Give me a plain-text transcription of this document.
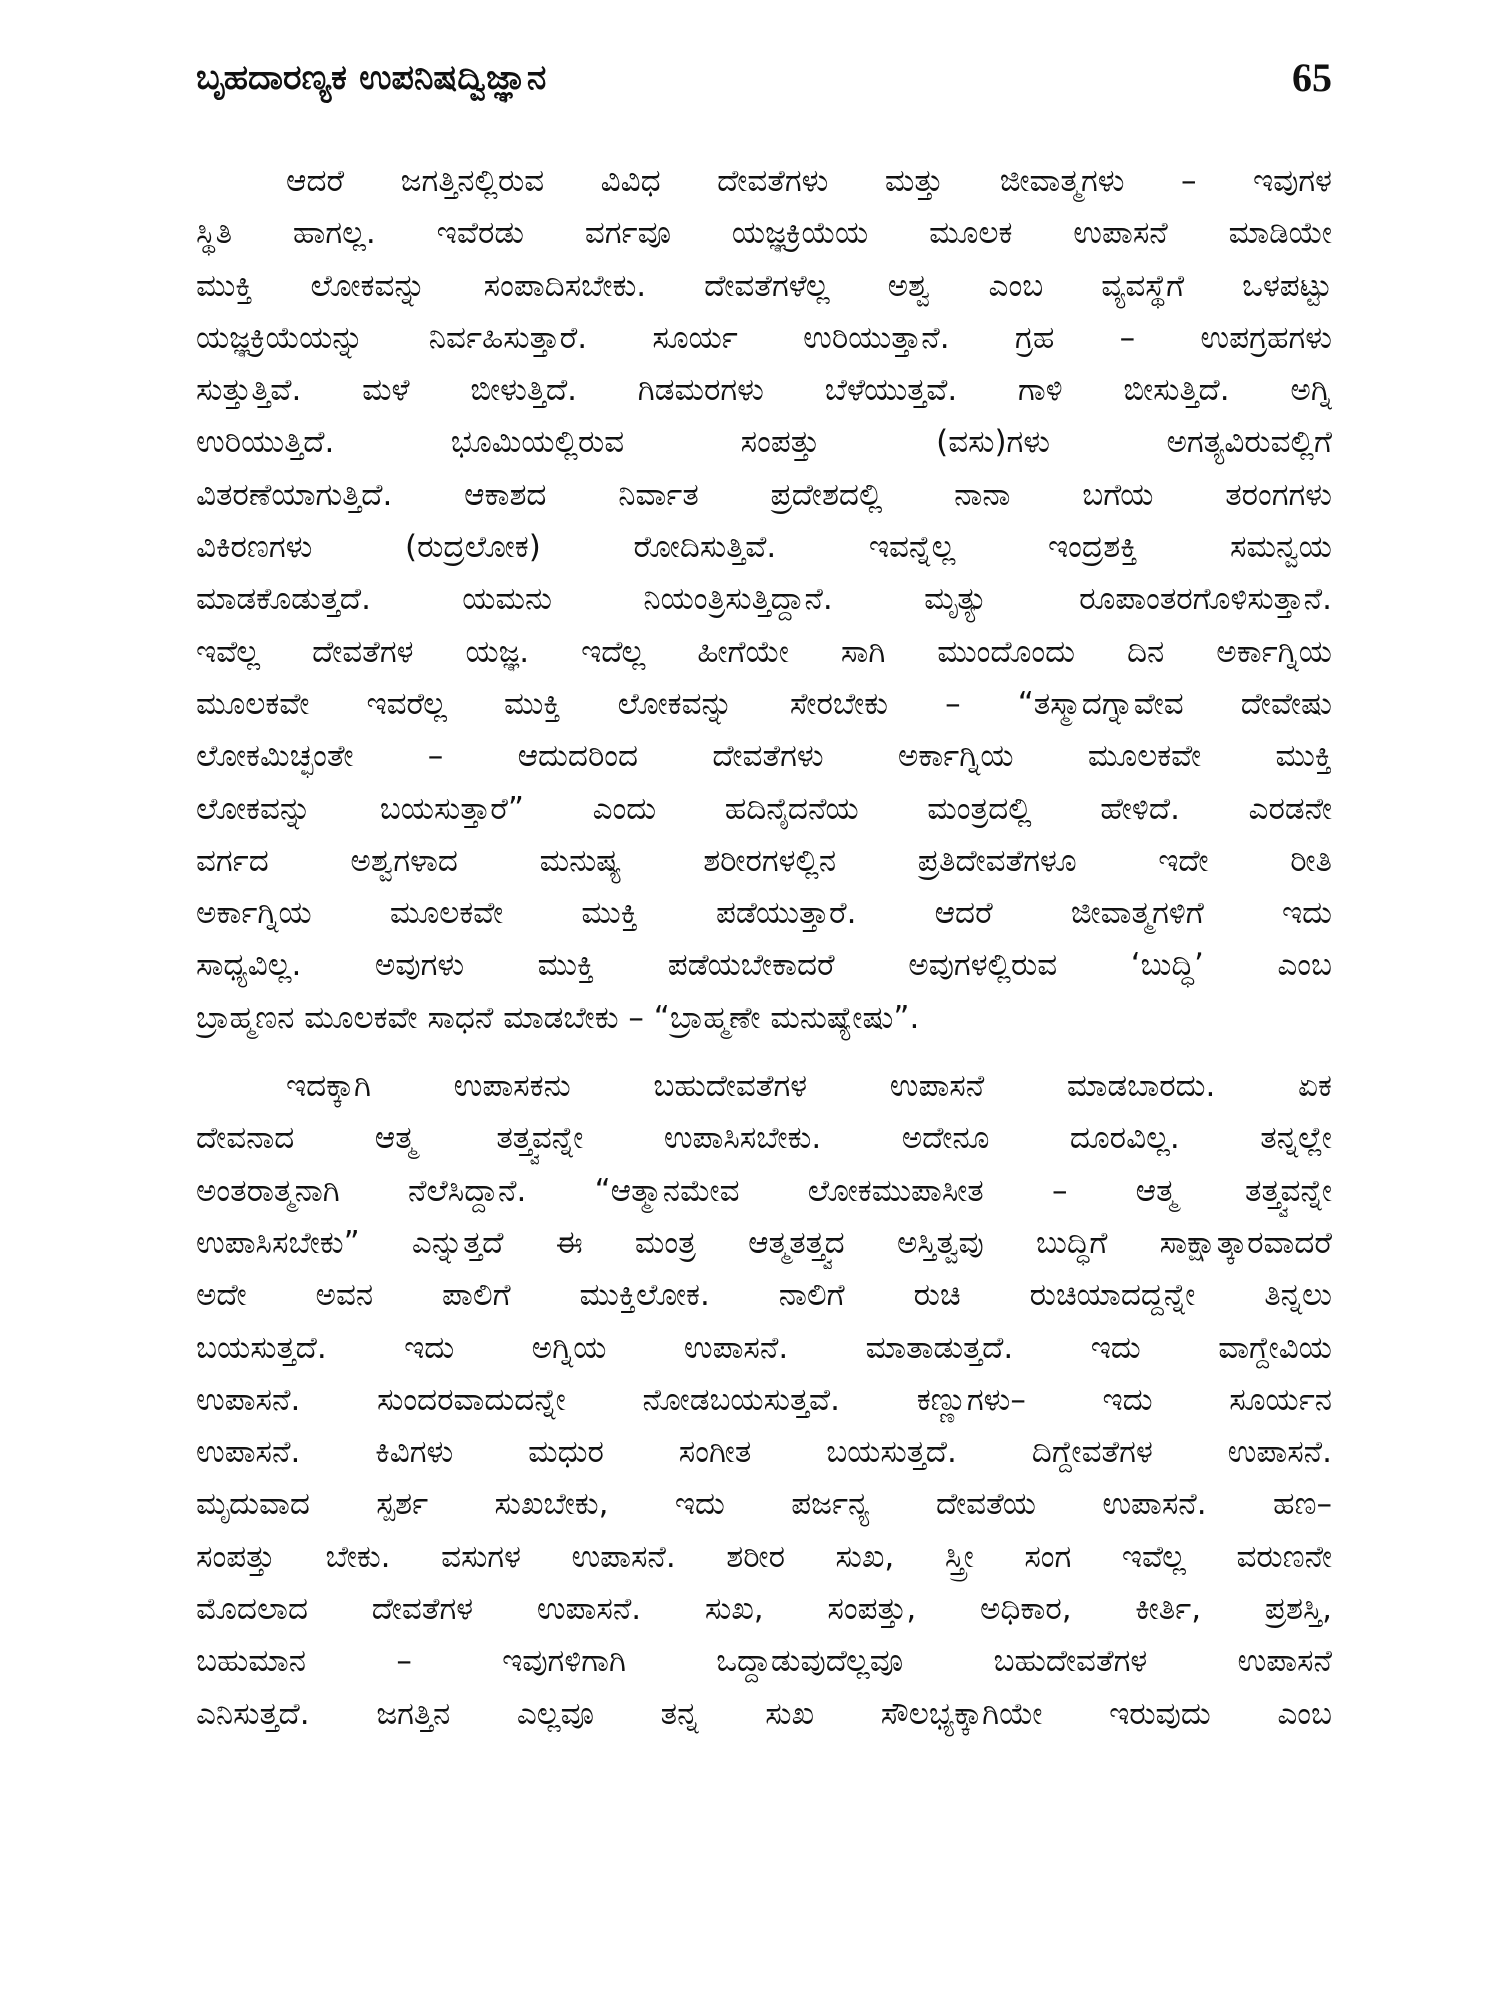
ಬೃಹದಾರಣ್ಯಕ ಉಪನಿಷದ್ವಿಜ್ಞಾನ	65

ಆದರೆ ಜಗತ್ತಿನಲ್ಲಿರುವ ವಿವಿಧ ದೇವತೆಗಳು ಮತ್ತು ಜೀವಾತ್ಮಗಳು – ಇವುಗಳ

ಸ್ಥಿತಿ ಹಾಗಲ್ಲ. ಇವೆರಡು ವರ್ಗವೂ ಯಜ್ಞಕ್ರಿಯೆಯ ಮೂಲಕ ಉಪಾಸನೆ ಮಾಡಿಯೇ

ಮುಕ್ತಿ ಲೋಕವನ್ನು ಸಂಪಾದಿಸಬೇಕು. ದೇವತೆಗಳೆಲ್ಲ ಅಶ್ವ ಎಂಬ ವ್ಯವಸ್ಥೆಗೆ ಒಳಪಟ್ಟು

ಯಜ್ಞಕ್ರಿಯೆಯನ್ನು ನಿರ್ವಹಿಸುತ್ತಾರೆ. ಸೂರ್ಯ ಉರಿಯುತ್ತಾನೆ. ಗ್ರಹ – ಉಪಗ್ರಹಗಳು

ಸುತ್ತುತ್ತಿವೆ. ಮಳೆ ಬೀಳುತ್ತಿದೆ. ಗಿಡಮರಗಳು ಬೆಳೆಯುತ್ತವೆ. ಗಾಳಿ ಬೀಸುತ್ತಿದೆ. ಅಗ್ನಿ

ಉರಿಯುತ್ತಿದೆ. ಭೂಮಿಯಲ್ಲಿರುವ ಸಂಪತ್ತು (ವಸು)ಗಳು ಅಗತ್ಯವಿರುವಲ್ಲಿಗೆ

ವಿತರಣೆಯಾಗುತ್ತಿದೆ. ಆಕಾಶದ ನಿರ್ವಾತ ಪ್ರದೇಶದಲ್ಲಿ ನಾನಾ ಬಗೆಯ ತರಂಗಗಳು

ವಿಕಿರಣಗಳು (ರುದ್ರಲೋಕ) ರೋದಿಸುತ್ತಿವೆ. ಇವನ್ನೆಲ್ಲ ಇಂದ್ರಶಕ್ತಿ ಸಮನ್ವಯ

ಮಾಡಕೊಡುತ್ತದೆ. ಯಮನು ನಿಯಂತ್ರಿಸುತ್ತಿದ್ದಾನೆ. ಮೃತ್ಯು ರೂಪಾಂತರಗೊಳಿಸುತ್ತಾನೆ.

ಇವೆಲ್ಲ ದೇವತೆಗಳ ಯಜ್ಞ. ಇದೆಲ್ಲ ಹೀಗೆಯೇ ಸಾಗಿ ಮುಂದೊಂದು ದಿನ ಅರ್ಕಾಗ್ನಿಯ

ಮೂಲಕವೇ ಇವರೆಲ್ಲ ಮುಕ್ತಿ ಲೋಕವನ್ನು ಸೇರಬೇಕು – “ತಸ್ಮಾದಗ್ನಾವೇವ ದೇವೇಷು

ಲೋಕಮಿಚ್ಛಂತೇ – ಆದುದರಿಂದ ದೇವತೆಗಳು ಅರ್ಕಾಗ್ನಿಯ ಮೂಲಕವೇ ಮುಕ್ತಿ

ಲೋಕವನ್ನು ಬಯಸುತ್ತಾರೆ” ಎಂದು ಹದಿನೈದನೆಯ ಮಂತ್ರದಲ್ಲಿ ಹೇಳಿದೆ. ಎರಡನೇ

ವರ್ಗದ ಅಶ್ವಗಳಾದ ಮನುಷ್ಯ ಶರೀರಗಳಲ್ಲಿನ ಪ್ರತಿದೇವತೆಗಳೂ ಇದೇ ರೀತಿ

ಅರ್ಕಾಗ್ನಿಯ ಮೂಲಕವೇ ಮುಕ್ತಿ ಪಡೆಯುತ್ತಾರೆ. ಆದರೆ ಜೀವಾತ್ಮಗಳಿಗೆ ಇದು

ಸಾಧ್ಯವಿಲ್ಲ. ಅವುಗಳು ಮುಕ್ತಿ ಪಡೆಯಬೇಕಾದರೆ ಅವುಗಳಲ್ಲಿರುವ ‘ಬುದ್ಧಿ’ ಎಂಬ

ಬ್ರಾಹ್ಮಣನ ಮೂಲಕವೇ ಸಾಧನೆ ಮಾಡಬೇಕು – “ಬ್ರಾಹ್ಮಣೇ ಮನುಷ್ಯೇಷು”.

ಇದಕ್ಕಾಗಿ ಉಪಾಸಕನು ಬಹುದೇವತೆಗಳ ಉಪಾಸನೆ ಮಾಡಬಾರದು. ಏಕ

ದೇವನಾದ ಆತ್ಮ ತತ್ತ್ವವನ್ನೇ ಉಪಾಸಿಸಬೇಕು. ಅದೇನೂ ದೂರವಿಲ್ಲ. ತನ್ನಲ್ಲೇ

ಅಂತರಾತ್ಮನಾಗಿ ನೆಲೆಸಿದ್ದಾನೆ. “ಆತ್ಮಾನಮೇವ ಲೋಕಮುಪಾಸೀತ – ಆತ್ಮ ತತ್ತ್ವವನ್ನೇ

ಉಪಾಸಿಸಬೇಕು” ಎನ್ನುತ್ತದೆ ಈ ಮಂತ್ರ ಆತ್ಮತತ್ತ್ವದ ಅಸ್ತಿತ್ವವು ಬುದ್ಧಿಗೆ ಸಾಕ್ಷಾತ್ಕಾರವಾದರೆ

ಅದೇ ಅವನ ಪಾಲಿಗೆ ಮುಕ್ತಿಲೋಕ. ನಾಲಿಗೆ ರುಚಿ ರುಚಿಯಾದದ್ದನ್ನೇ ತಿನ್ನಲು

ಬಯಸುತ್ತದೆ. ಇದು ಅಗ್ನಿಯ ಉಪಾಸನೆ. ಮಾತಾಡುತ್ತದೆ. ಇದು ವಾಗ್ದೇವಿಯ

ಉಪಾಸನೆ. ಸುಂದರವಾದುದನ್ನೇ ನೋಡಬಯಸುತ್ತವೆ. ಕಣ್ಣುಗಳು– ಇದು ಸೂರ್ಯನ

ಉಪಾಸನೆ. ಕಿವಿಗಳು ಮಧುರ ಸಂಗೀತ ಬಯಸುತ್ತದೆ. ದಿಗ್ದೇವತೆಗಳ ಉಪಾಸನೆ.

ಮೃದುವಾದ ಸ್ಪರ್ಶ ಸುಖಬೇಕು, ಇದು ಪರ್ಜನ್ಯ ದೇವತೆಯ ಉಪಾಸನೆ. ಹಣ–

ಸಂಪತ್ತು ಬೇಕು. ವಸುಗಳ ಉಪಾಸನೆ. ಶರೀರ ಸುಖ, ಸ್ತ್ರೀ ಸಂಗ ಇವೆಲ್ಲ ವರುಣನೇ

ಮೊದಲಾದ ದೇವತೆಗಳ ಉಪಾಸನೆ. ಸುಖ, ಸಂಪತ್ತು, ಅಧಿಕಾರ, ಕೀರ್ತಿ, ಪ್ರಶಸ್ತಿ,

ಬಹುಮಾನ – ಇವುಗಳಿಗಾಗಿ ಒದ್ದಾಡುವುದೆಲ್ಲವೂ ಬಹುದೇವತೆಗಳ ಉಪಾಸನೆ

ಎನಿಸುತ್ತದೆ. ಜಗತ್ತಿನ ಎಲ್ಲವೂ ತನ್ನ ಸುಖ ಸೌಲಭ್ಯಕ್ಕಾಗಿಯೇ ಇರುವುದು ಎಂಬ
